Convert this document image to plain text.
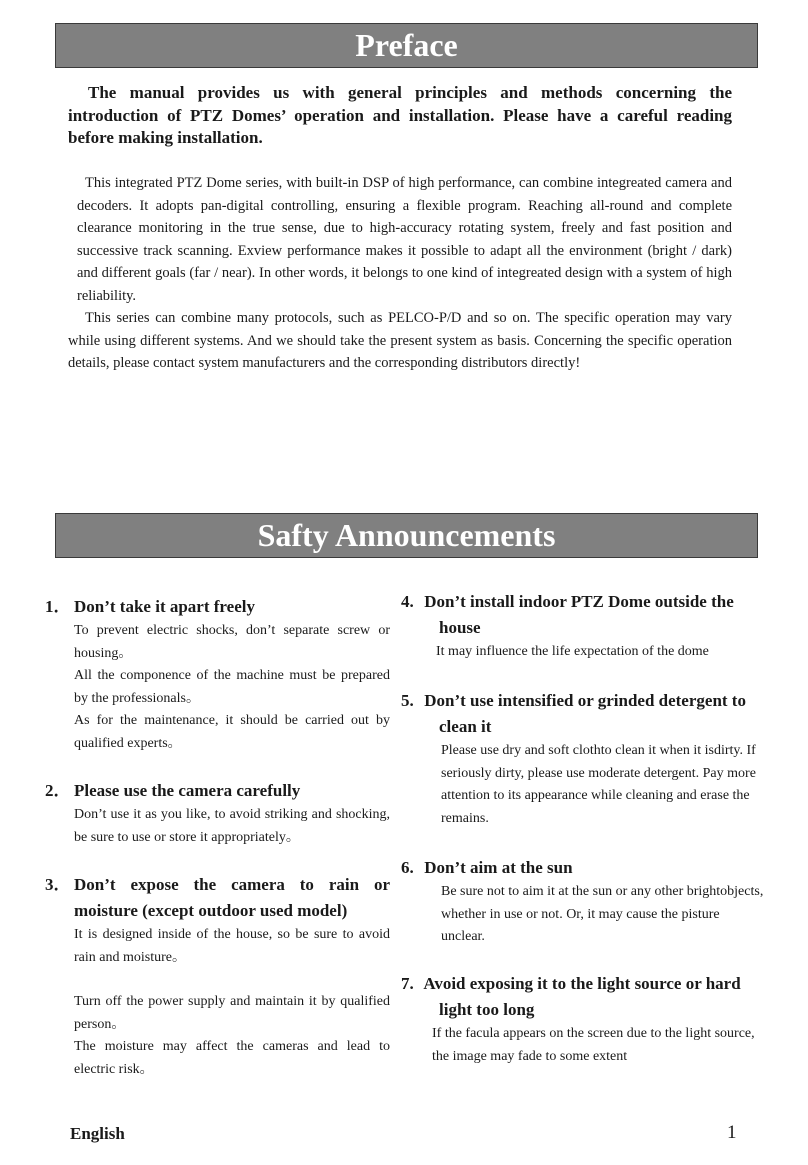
Preface
The manual provides us with general principles and methods concerning the introduction of PTZ Domes’ operation and installation. Please have a careful reading before making installation.
This integrated PTZ Dome series, with built-in DSP of high performance, can combine integreated camera and decoders. It adopts pan-digital controlling, ensuring a flexible program. Reaching all-round and complete clearance monitoring in the true sense, due to high-accuracy rotating system, freely and fast position and successive track scanning. Exview performance makes it possible to adapt all the environment (bright / dark) and different goals (far / near). In other words, it belongs to one kind of integreated design with a system of high reliability.
This series can combine many protocols, such as PELCO-P/D and so on. The specific operation may vary while using different systems. And we should take the present system as basis. Concerning the specific operation details, please contact system manufacturers and the corresponding distributors directly!
Safty Announcements
1． Don’t take it apart freely
To prevent electric shocks, don’t separate screw or housing。
All the componence of the machine must be prepared by the professionals。
As for the maintenance, it should be carried out by qualified experts。
2． Please use the camera carefully
Don’t use it as you like, to avoid striking and shocking, be sure to use or store it appropriately。
3． Don’t expose the camera to rain or moisture (except outdoor used model)
It is designed inside of the house, so be sure to avoid rain and moisture。
Turn off the power supply and maintain it by qualified person。
The moisture may affect the cameras and lead to electric risk。
4. Don’t install indoor PTZ Dome outside the house
It may influence the life expectation of the dome
5. Don’t use intensified or grinded detergent to clean it
Please use dry and soft clothto clean it when it isdirty. If seriously dirty, please use moderate detergent. Pay more attention to its appearance while cleaning and erase the remains.
6. Don’t aim at the sun
Be sure not to aim it at the sun or any other brightobjects, whether in use or not. Or, it may cause the pisture unclear.
7. Avoid exposing it to the light source or hard light too long
If the facula appears on the screen due to the light source, the image may fade to some extent
English	1
